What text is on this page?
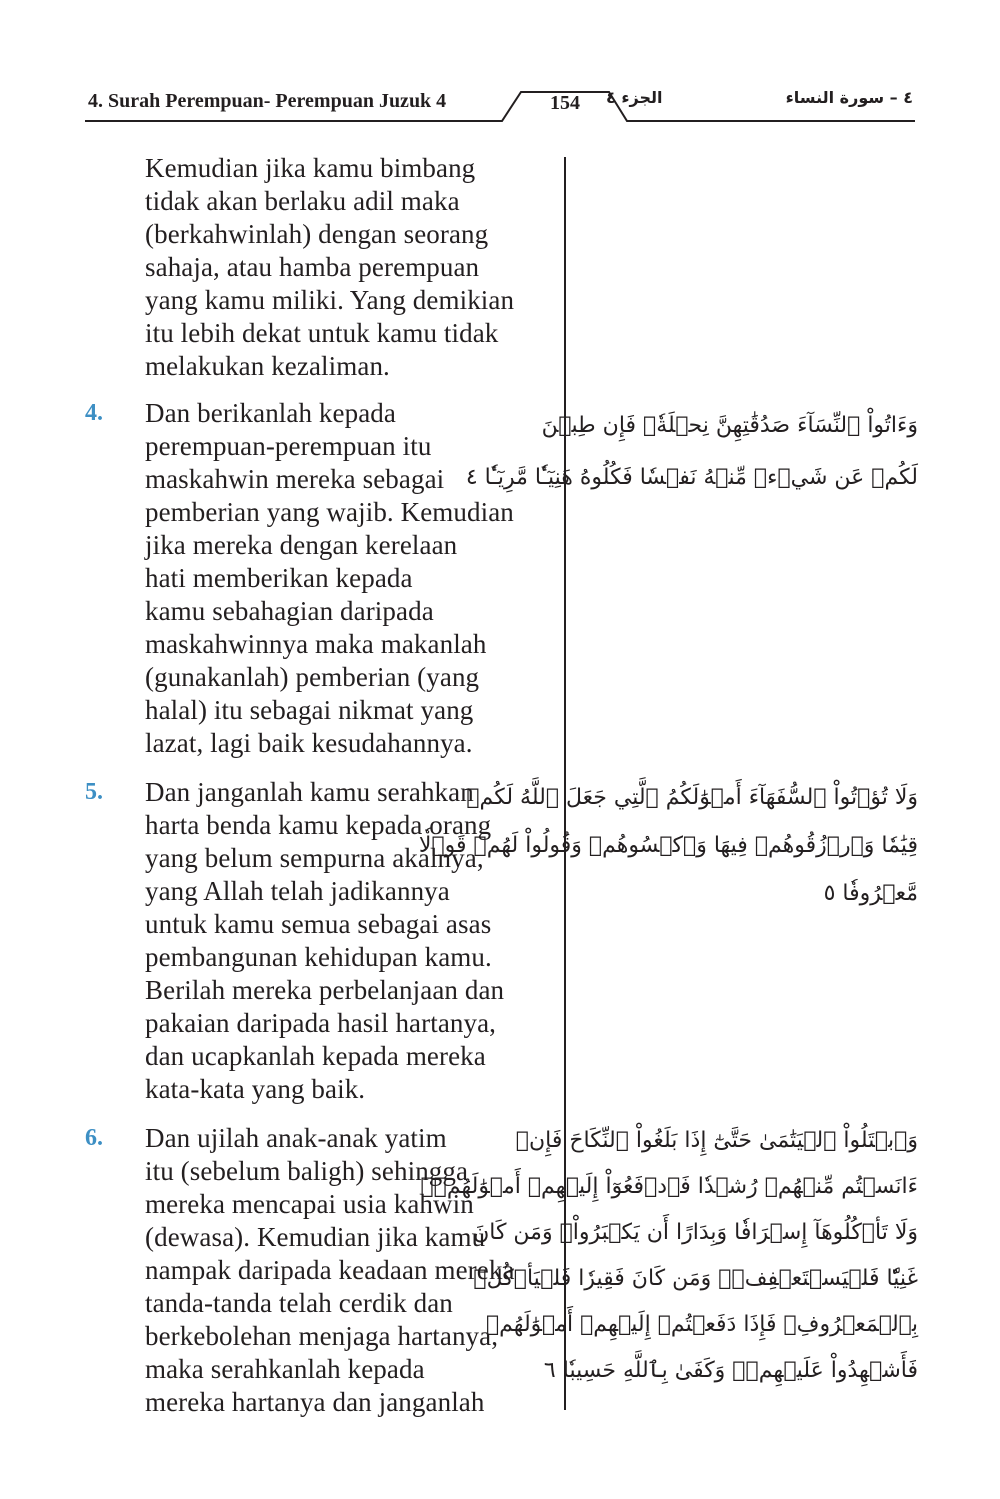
4. Surah Perempuan- Perempuan Juzuk 4	154	الجزء ٤	٤ – سورة النساء
Kemudian jika kamu bimbang
tidak akan berlaku adil maka
(berkahwinlah) dengan seorang
sahaja, atau hamba perempuan
yang kamu miliki. Yang demikian
itu lebih dekat untuk kamu tidak
melakukan kezaliman.
4. Dan berikanlah kepada
perempuan-perempuan itu
maskahwin mereka sebagai
pemberian yang wajib. Kemudian
jika mereka dengan kerelaan
hati memberikan kepada
kamu sebahagian daripada
maskahwinnya maka makanlah
(gunakanlah) pemberian (yang
halal) itu sebagai nikmat yang
lazat, lagi baik kesudahannya.
وَءَاتُواْ ٱلنِّسَآءَ صَدُقَٰتِهِنَّ نِحۡلَةٗۚ فَإِن طِبۡنَ
لَكُمۡ عَن شَيۡءٖ مِّنۡهُ نَفۡسٗا فَكُلُوهُ هَنِيٓـٔٗا مَّرِيٓـٔٗا ٤
5. Dan janganlah kamu serahkan
harta benda kamu kepada orang
yang belum sempurna akalnya,
yang Allah telah jadikannya
untuk kamu semua sebagai asas
pembangunan kehidupan kamu.
Berilah mereka perbelanjaan dan
pakaian daripada hasil hartanya,
dan ucapkanlah kepada mereka
kata-kata yang baik.
وَلَا تُؤۡتُواْ ٱلسُّفَهَآءَ أَمۡوَٰلَكُمُ ٱلَّتِي جَعَلَ ٱللَّهُ لَكُمۡ
قِيَٰمٗا وَٱرۡزُقُوهُمۡ فِيهَا وَٱكۡسُوهُمۡ وَقُولُواْ لَهُمۡ قَوۡلٗا
مَّعۡرُوفٗا ٥
6. Dan ujilah anak-anak yatim
itu (sebelum baligh) sehingga
mereka mencapai usia kahwin
(dewasa). Kemudian jika kamu
nampak daripada keadaan mereka
tanda-tanda telah cerdik dan
berkebolehan menjaga hartanya,
maka serahkanlah kepada
mereka hartanya dan janganlah
وَٱبۡتَلُواْ ٱلۡيَتَٰمَىٰ حَتَّىٰٓ إِذَا بَلَغُواْ ٱلنِّكَاحَ فَإِنۡ
ءَانَسۡتُم مِّنۡهُمۡ رُشۡدٗا فَٱدۡفَعُوٓاْ إِلَيۡهِمۡ أَمۡوَٰلَهُمۡۖ
وَلَا تَأۡكُلُوهَآ إِسۡرَافٗا وَبِدَارًا أَن يَكۡبَرُواْۚ وَمَن كَانَ
غَنِيّٗا فَلۡيَسۡتَعۡفِفۡۖ وَمَن كَانَ فَقِيرٗا فَلۡيَأۡكُلۡ
بِٱلۡمَعۡرُوفِۚ فَإِذَا دَفَعۡتُمۡ إِلَيۡهِمۡ أَمۡوَٰلَهُمۡ
فَأَشۡهِدُواْ عَلَيۡهِمۡۚ وَكَفَىٰ بِٱللَّهِ حَسِيبٗا ٦
